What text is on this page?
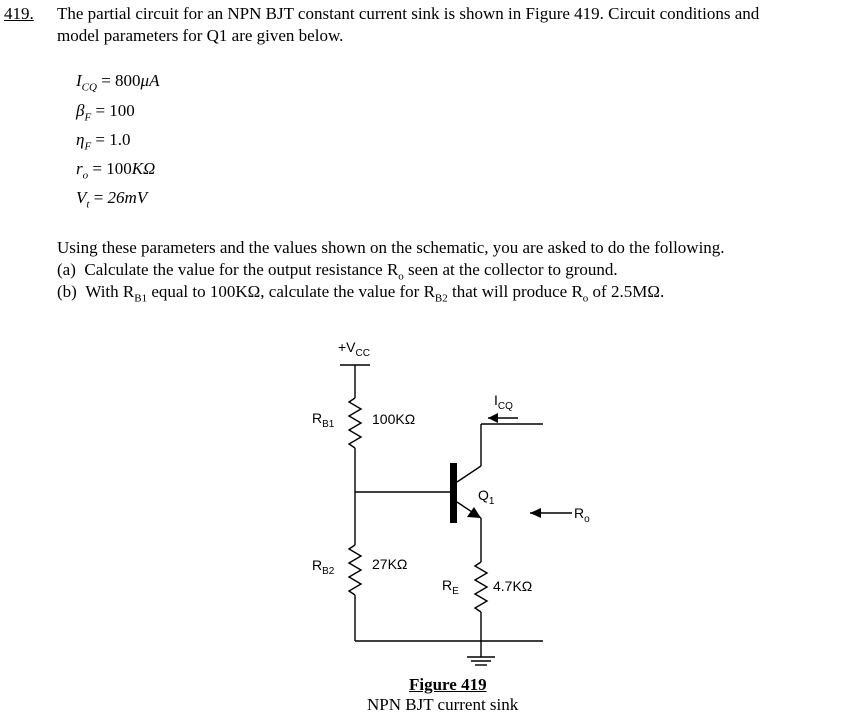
419. The partial circuit for an NPN BJT constant current sink is shown in Figure 419. Circuit conditions and
model parameters for Q1 are given below.
$I_{CQ} = 800\mu A$
$\beta_F = 100$
$\eta_F = 1.0$
$r_o = 100K\Omega$
$V_t = 26mV$
Using these parameters and the values shown on the schematic, you are asked to do the following.
(a) Calculate the value for the output resistance $R_o$ seen at the collector to ground.
(b) With $R_{B1}$ equal to 100KΩ, calculate the value for $R_{B2}$ that will produce $R_o$ of 2.5MΩ.
$+V_{CC}$
$R_{B1}$	100KΩ
$R_{B2}$	27KΩ
$R_E$ 4.7KΩ
$Q_1$
$I_{CQ}$
$R_o$
Figure 419
NPN BJT current sink
